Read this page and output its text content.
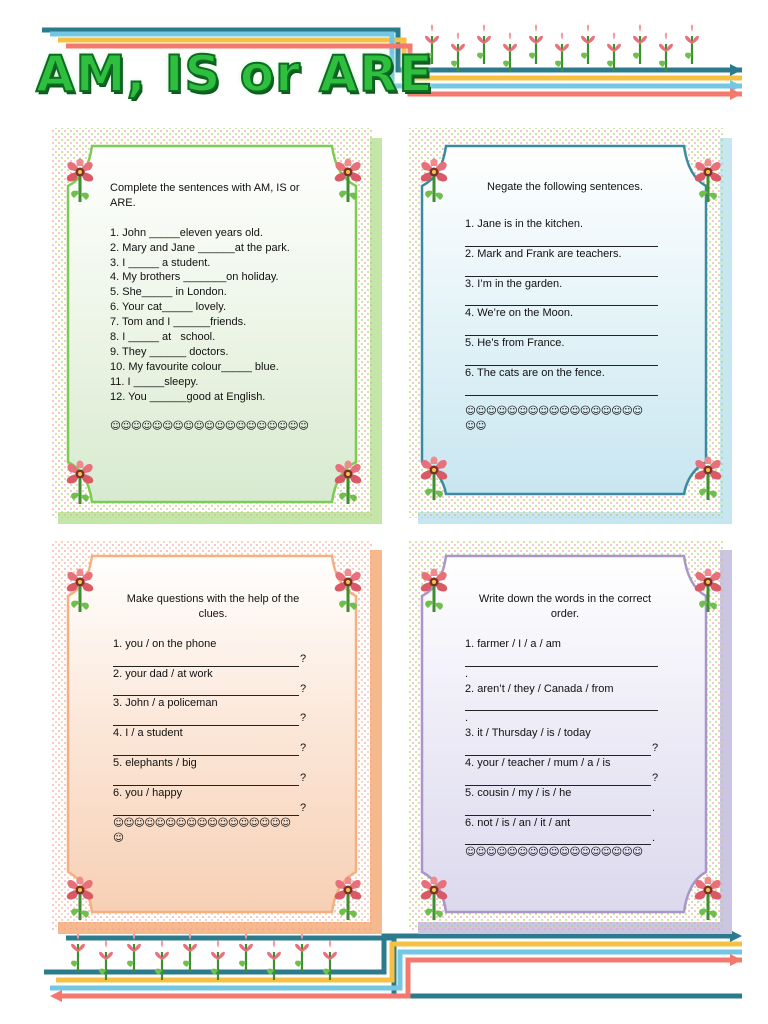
AM, IS or ARE
Complete the sentences with AM, IS or ARE.
1. John _____eleven years old.
2. Mary and Jane ______at the park.
3. I _____ a student.
4. My brothers _______on holiday.
5. She_____ in London.
6. Your cat_____ lovely.
7. Tom and I ______friends.
8. I _____ at   school.
9. They ______ doctors.
10. My favourite colour_____ blue.
11. I _____sleepy.
12. You ______good at English.
☺☺☺☺☺☺☺☺☺☺☺☺☺☺☺☺☺☺☺
Negate the following sentences.
1. Jane is in the kitchen.
2. Mark and Frank are teachers.
3. I’m in the garden.
4. We’re on the Moon.
5. He’s from France.
6. The cats are on the fence.
☺☺☺☺☺☺☺☺☺☺☺☺☺☺☺☺☺
☺☺
Make questions with the help of the clues.
1. you / on the phone
?
2. your dad / at work
?
3. John / a policeman
?
4. I / a student
?
5. elephants / big
?
6. you / happy
?
☺☺☺☺☺☺☺☺☺☺☺☺☺☺☺☺☺
☺
Write down the words in the correct order.
1. farmer / I / a / am
.
2. aren’t / they / Canada / from
.
3. it / Thursday / is / today
?
4. your / teacher / mum / a / is
?
5. cousin / my / is / he
.
6. not / is / an / it / ant
.
☺☺☺☺☺☺☺☺☺☺☺☺☺☺☺☺☺
